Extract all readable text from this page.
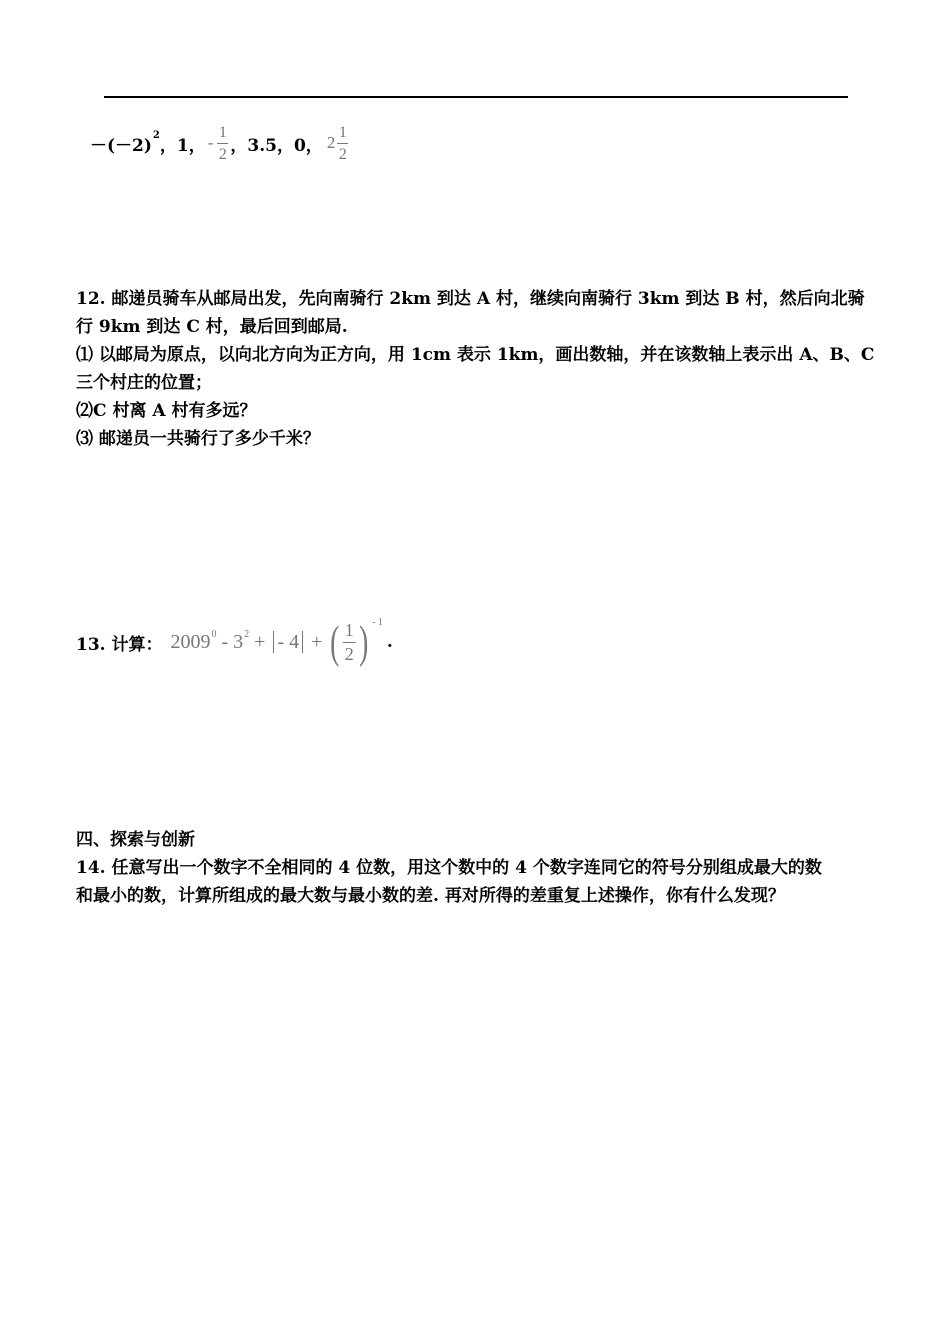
－(－2)
2
，1， - $\frac{1}{2}$ ，3.5，0， $2 \frac{1}{2}$
12. 邮递员骑车从邮局出发，先向南骑行 2km 到达 A 村，继续向南骑行 3km 到达 B 村，然后向北骑
行 9km 到达 C 村，最后回到邮局.
⑴ 以邮局为原点，以向北方向为正方向，用 1cm 表示 1km，画出数轴，并在该数轴上表示出 A、B、C
三个村庄的位置；
⑵C 村离 A 村有多远？
⑶ 邮递员一共骑行了多少千米？
13. 计算： 2009 0 - 3 2 + - 4 + ( $\frac{1}{2}$ ) - 1
.
四、探索与创新
14. 任意写出一个数字不全相同的 4 位数，用这个数中的 4 个数字连同它的符号分别组成最大的数
和最小的数，计算所组成的最大数与最小数的差. 再对所得的差重复上述操作，你有什么发现？
